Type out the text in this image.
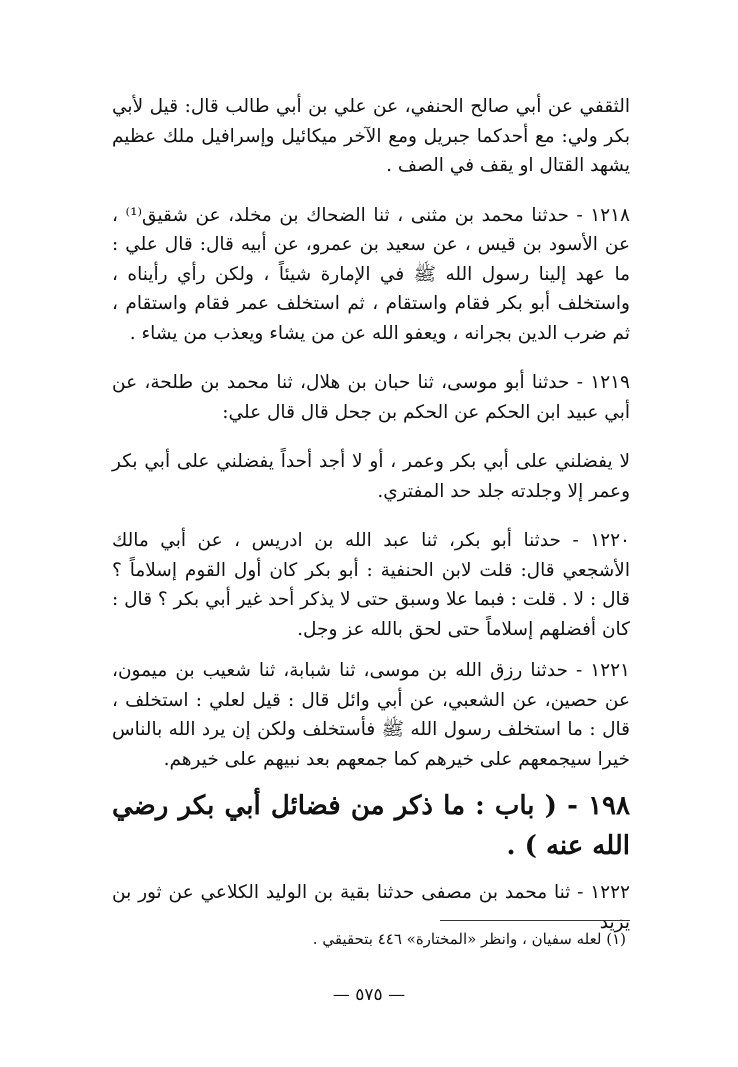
الثقفي عن أبي صالح الحنفي، عن علي بن أبي طالب قال: قيل لأبي بكر ولي: مع أحدكما جبريل ومع الآخر ميكائيل وإسرافيل ملك عظيم يشهد القتال او يقف في الصف .

١٢١٨ - حدثنا محمد بن مثنى ، ثنا الضحاك بن مخلد، عن شقيق⁽¹⁾ ، عن الأسود بن قيس ، عن سعيد بن عمرو، عن أبيه قال: قال علي : ما عهد إلينا رسول الله ﷺ في الإمارة شيئاً ، ولكن رأي رأيناه ، واستخلف أبو بكر فقام واستقام ، ثم استخلف عمر فقام واستقام ، ثم ضرب الدين بجرانه ، ويعفو الله عن من يشاء ويعذب من يشاء .

١٢١٩ - حدثنا أبو موسى، ثنا حبان بن هلال، ثنا محمد بن طلحة، عن أبي عبيد ابن الحكم عن الحكم بن جحل قال قال علي:

لا يفضلني على أبي بكر وعمر ، أو لا أجد أحداً يفضلني على أبي بكر وعمر إلا وجلدته جلد حد المفتري.

١٢٢٠ - حدثنا أبو بكر، ثنا عبد الله بن ادريس ، عن أبي مالك الأشجعي قال: قلت لابن الحنفية : أبو بكر كان أول القوم إسلاماً ؟ قال : لا . قلت : فبما علا وسبق حتى لا يذكر أحد غير أبي بكر ؟ قال : كان أفضلهم إسلاماً حتى لحق بالله عز وجل.

١٢٢١ - حدثنا رزق الله بن موسى، ثنا شبابة، ثنا شعيب بن ميمون، عن حصين، عن الشعبي، عن أبي وائل قال : قيل لعلي : استخلف ، قال : ما استخلف رسول الله ﷺ فأستخلف ولكن إن يرد الله بالناس خيرا سيجمعهم على خيرهم كما جمعهم بعد نبيهم على خيرهم.

١٩٨ - ( باب : ما ذكر من فضائل أبي بكر رضي الله عنه ) .

١٢٢٢ - ثنا محمد بن مصفى حدثنا بقية بن الوليد الكلاعي عن ثور بن يزيد

(١) لعله سفيان ، وانظر «المختارة» ٤٤٦ بتحقيقي .
— ٥٧٥ —
